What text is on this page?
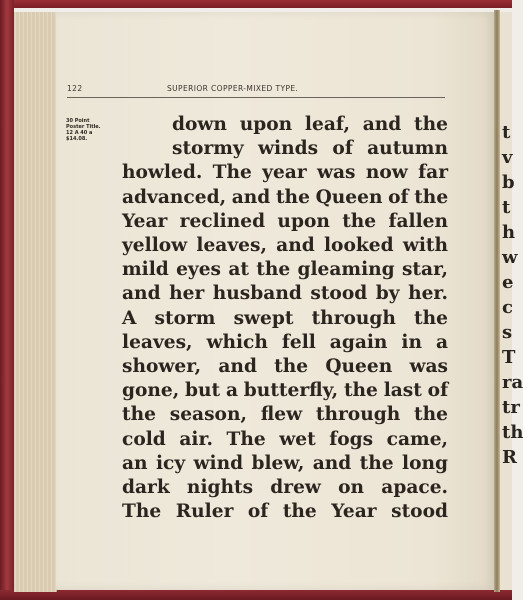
t
v
b
t
h
w
e
c
s
T
ra
tr
th
R
122	SUPERIOR COPPER-MIXED TYPE.
30 Point
Poster Title.
12 A 40 a
$14.08.
down upon leaf, and the
stormy winds of autumn
howled. The year was now far
advanced, and the Queen of the
Year reclined upon the fallen
yellow leaves, and looked with
mild eyes at the gleaming star,
and her husband stood by her.
A storm swept through the
leaves, which fell again in a
shower, and the Queen was
gone, but a butterfly, the last of
the season, flew through the
cold air. The wet fogs came,
an icy wind blew, and the long
dark nights drew on apace.
The Ruler of the Year stood
